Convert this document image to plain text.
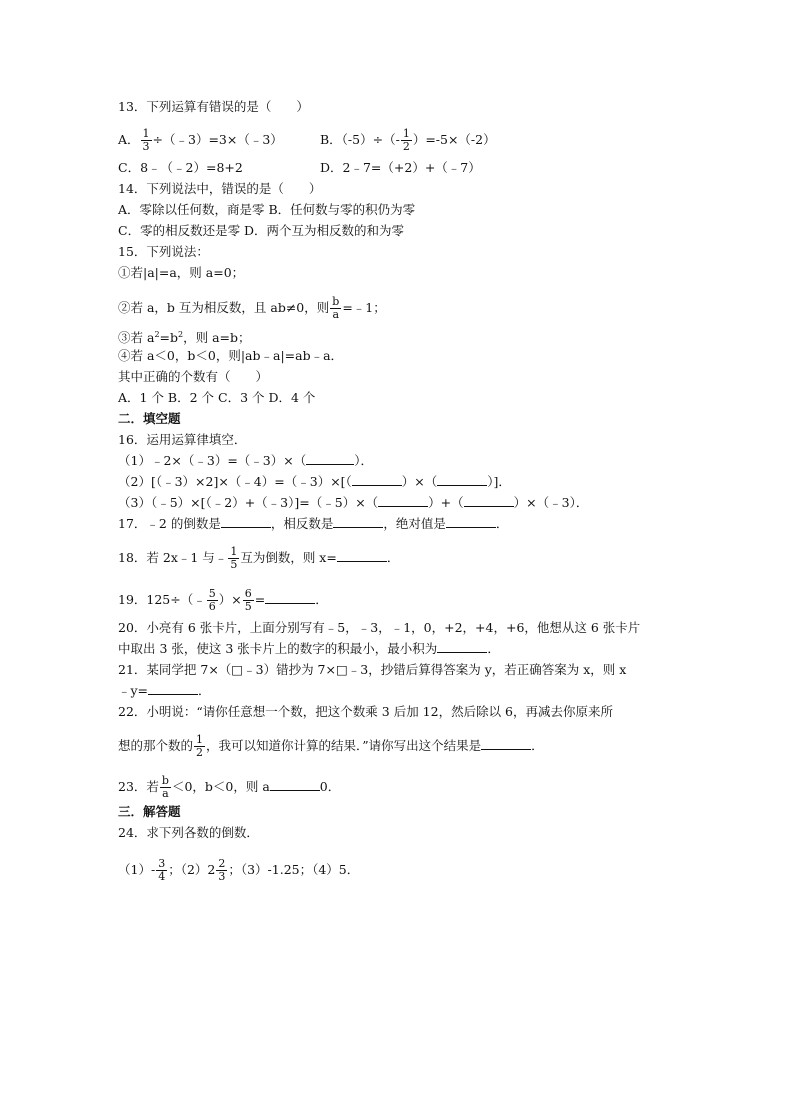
13．下列运算有错误的是（　　）
A． $\frac{1}{3}$ ÷（﹣3）=3×（﹣3）	B．$(-5)\div(- \frac{1}{2} )=-5\times(-2)$
C．8﹣（﹣2）=8+2	D．2﹣7=（+2）+（﹣7）
14．下列说法中，错误的是（　　）
A．零除以任何数，商是零 B．任何数与零的积仍为零
C．零的相反数还是零 D．两个互为相反数的和为零
15．下列说法：
①若|a|=a，则 a=0；
②若 a，b 互为相反数，且 ab≠0，则 $\frac{b}{a}$ =﹣1；
③若 $a^2=b^2$，则 a=b；
④若 a＜0，b＜0，则|ab﹣a|=ab﹣a．
其中正确的个数有（　　）
A．1 个 B．2 个 C．3 个 D．4 个
二．填空题
16．运用运算律填空．
（1）﹣2×（﹣3）=（﹣3）×（	）．
（2）[（﹣3）×2]×（﹣4）=（﹣3）×[（	）×（	）]．
（3）（﹣5）×[（﹣2）+（﹣3）]=（﹣5）×（	）+（	）×（﹣3）．
17．﹣2 的倒数是	，相反数是	，绝对值是	．
18．若 2x﹣1 与﹣ $\frac{1}{5}$ 互为倒数，则 x=	．
19．125÷（﹣ $\frac{5}{6}$ ）× $\frac{6}{5}$ =	．
20．小亮有 6 张卡片，上面分别写有﹣5，﹣3，﹣1，0，+2，+4，+6，他想从这 6 张卡片
中取出 3 张，使这 3 张卡片上的数字的积最小，最小积为	．
21．某同学把 7×（□﹣3）错抄为 7×□﹣3，抄错后算得答案为 y，若正确答案为 x，则 x
﹣y=	．
22．小明说：“请你任意想一个数，把这个数乘 3 后加 12，然后除以 6，再减去你原来所
想的那个数的 $\frac{1}{2}$ ，我可以知道你计算的结果．”请你写出这个结果是	．
23．若 $\frac{b}{a} <0$，b＜0，则 a	0．
三．解答题
24．求下列各数的倒数．
$(1)- \frac{3}{4}$ ；$(2)2 \frac{2}{3}$ ；（3）-1.25；（4）5．
